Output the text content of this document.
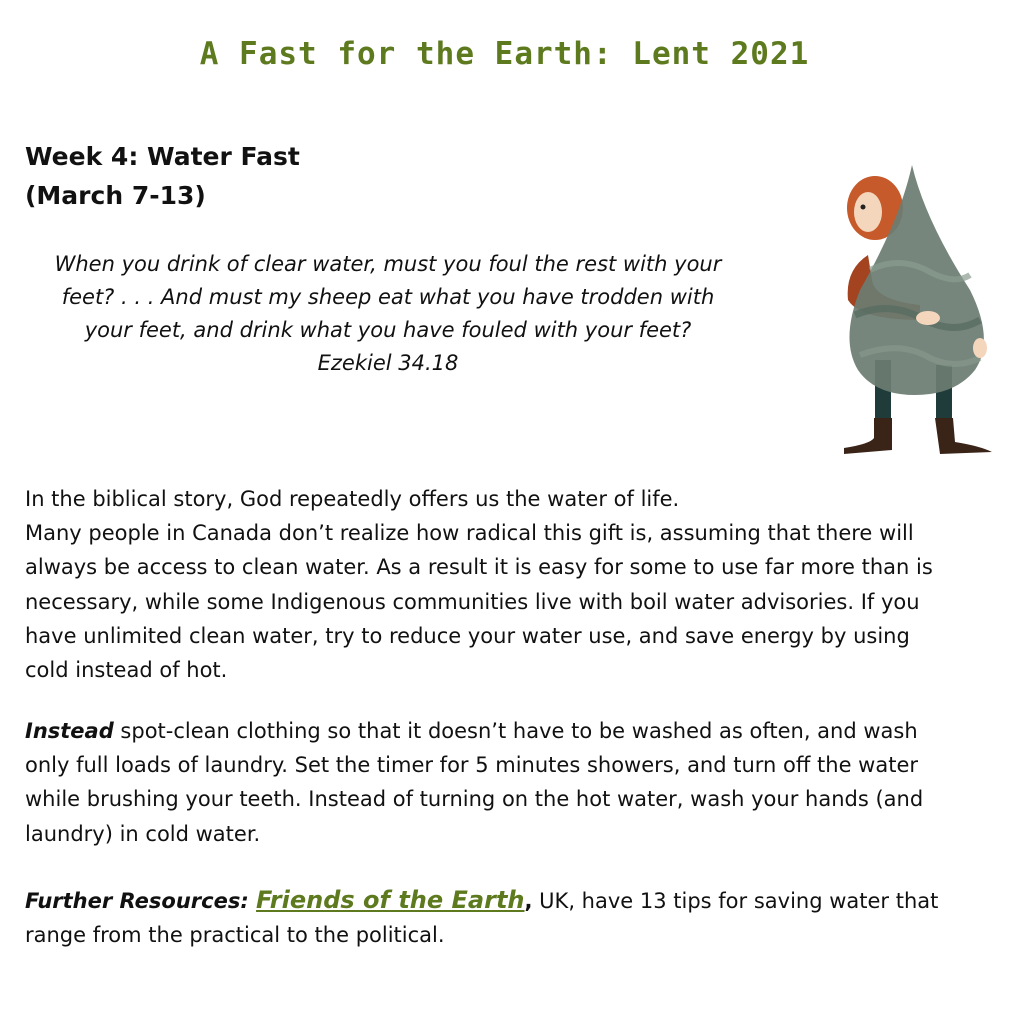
A Fast for the Earth: Lent 2021
Week 4: Water Fast
(March 7-13)
When you drink of clear water, must you foul the rest with your
feet? . . . And must my sheep eat what you have trodden with
your feet, and drink what you have fouled with your feet?
Ezekiel 34.18

In the biblical story, God repeatedly offers us the water of life.
Many people in Canada don’t realize how radical this gift is, assuming that there will
always be access to clean water. As a result it is easy for some to use far more than is
necessary, while some Indigenous communities live with boil water advisories. If you
have unlimited clean water, try to reduce your water use, and save energy by using
cold instead of hot.

Instead spot-clean clothing so that it doesn’t have to be washed as often, and wash
only full loads of laundry. Set the timer for 5 minutes showers, and turn off the water
while brushing your teeth. Instead of turning on the hot water, wash your hands (and
laundry) in cold water.

Further Resources: Friends of the Earth, UK, have 13 tips for saving water that
range from the practical to the political.
